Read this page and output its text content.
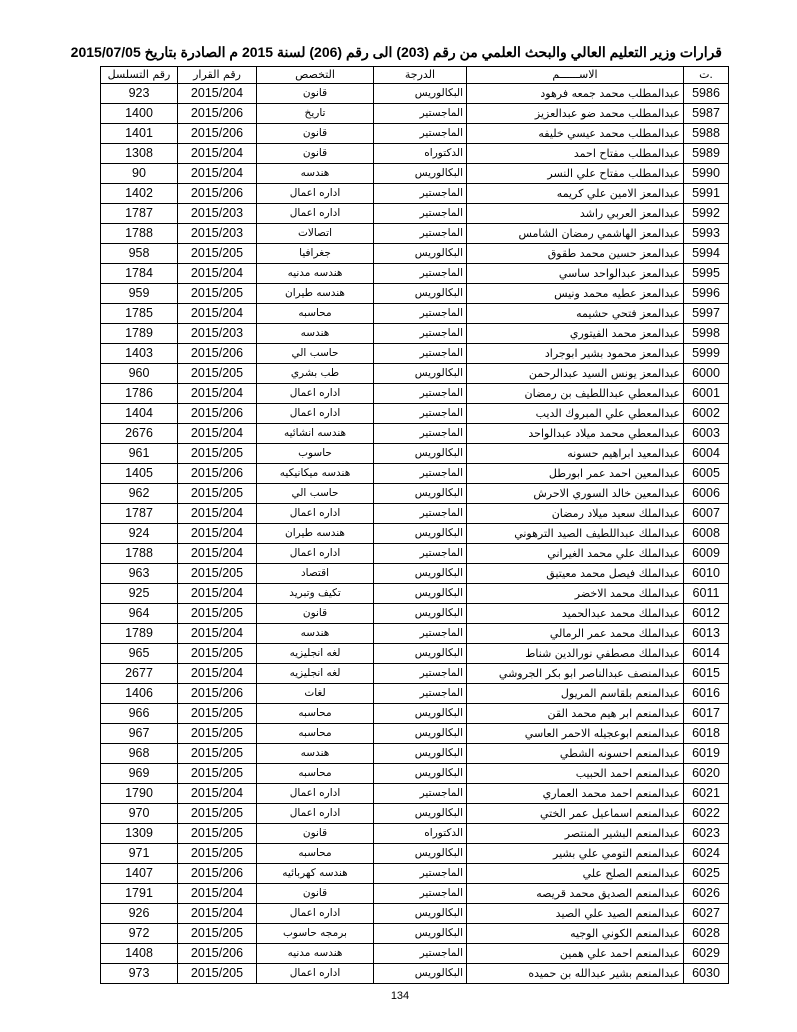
قرارات وزير التعليم العالي والبحث العلمي من رقم (203) الى رقم (206) لسنة 2015 م الصادرة بتاريخ 2015/07/05
رقم التسلسل	رقم القرار	التخصص	الدرجة	الاســــــم	ت.
923	2015/204	قانون	البكالوريس	عبدالمطلب محمد جمعه فرهود	5986
1400	2015/206	تاريخ	الماجستير	عبدالمطلب محمد ضو عبدالعزيز	5987
1401	2015/206	قانون	الماجستير	عبدالمطلب محمد عيسي خليفه	5988
1308	2015/204	قانون	الدكتوراه	عبدالمطلب مفتاح احمد	5989
90	2015/204	هندسه	البكالوريس	عبدالمطلب مفتاح علي النسر	5990
1402	2015/206	اداره اعمال	الماجستير	عبدالمعز الامين علي كريمه	5991
1787	2015/203	اداره اعمال	الماجستير	عبدالمعز العربي راشد	5992
1788	2015/203	اتصالات	الماجستير	عبدالمعز الهاشمي رمضان الشامس	5993
958	2015/205	جغرافيا	البكالوريس	عبدالمعز حسين محمد طقوق	5994
1784	2015/204	هندسه مدنيه	الماجستير	عبدالمعز عبدالواحد ساسي	5995
959	2015/205	هندسه طيران	البكالوريس	عبدالمعز عطيه محمد ونيس	5996
1785	2015/204	محاسبه	الماجستير	عبدالمعز فتحي حشيمه	5997
1789	2015/203	هندسه	الماجستير	عبدالمعز محمد الفيتوري	5998
1403	2015/206	حاسب الي	الماجستير	عبدالمعز محمود بشير ابوجراد	5999
960	2015/205	طب بشري	البكالوريس	عبدالمعز يونس السيد عبدالرحمن	6000
1786	2015/204	اداره اعمال	الماجستير	عبدالمعطي عبداللطيف بن رمضان	6001
1404	2015/206	اداره اعمال	الماجستير	عبدالمعطي علي المبروك الديب	6002
2676	2015/204	هندسه انشائيه	الماجستير	عبدالمعطي محمد ميلاد عبدالواحد	6003
961	2015/205	حاسوب	البكالوريس	عبدالمعيد ابراهيم حسونه	6004
1405	2015/206	هندسه ميكانيكيه	الماجستير	عبدالمعين احمد عمر ابورطل	6005
962	2015/205	حاسب الي	البكالوريس	عبدالمعين خالد السوري الاحرش	6006
1787	2015/204	اداره اعمال	الماجستير	عبدالملك سعيد ميلاد رمضان	6007
924	2015/204	هندسه طيران	البكالوريس	عبدالملك عبداللطيف الصيد الترهوني	6008
1788	2015/204	اداره اعمال	الماجستير	عبدالملك علي محمد الغيراني	6009
963	2015/205	اقتصاد	البكالوريس	عبدالملك فيصل محمد معيتيق	6010
925	2015/204	تكيف وتبريد	البكالوريس	عبدالملك محمد الاخضر	6011
964	2015/205	قانون	البكالوريس	عبدالملك محمد عبدالحميد	6012
1789	2015/204	هندسه	الماجستير	عبدالملك محمد عمر الرمالي	6013
965	2015/205	لغه انجليزيه	البكالوريس	عبدالملك مصطفي نورالدين شناط	6014
2677	2015/204	لغه انجليزيه	الماجستير	عبدالمنصف عبدالناصر ابو بكر الجروشي	6015
1406	2015/206	لغات	الماجستير	عبدالمنعم بلقاسم المريول	6016
966	2015/205	محاسبه	البكالوريس	عبدالمنعم ابر هيم محمد القن	6017
967	2015/205	محاسبه	البكالوريس	عبدالمنعم ابوعجيله الاحمر العاسي	6018
968	2015/205	هندسه	البكالوريس	عبدالمنعم احسونه الشطي	6019
969	2015/205	محاسبه	البكالوريس	عبدالمنعم احمد الحبيب	6020
1790	2015/204	اداره اعمال	الماجستير	عبدالمنعم احمد محمد العماري	6021
970	2015/205	اداره اعمال	البكالوريس	عبدالمنعم اسماعيل عمر الختي	6022
1309	2015/205	قانون	الدكتوراه	عبدالمنعم البشير المنتصر	6023
971	2015/205	محاسبه	البكالوريس	عبدالمنعم التومي علي بشير	6024
1407	2015/206	هندسه كهربائيه	الماجستير	عبدالمنعم الصلح علي	6025
1791	2015/204	قانون	الماجستير	عبدالمنعم الصديق محمد قريصه	6026
926	2015/204	اداره اعمال	البكالوريس	عبدالمنعم الصيد علي الصيد	6027
972	2015/205	برمجه حاسوب	البكالوريس	عبدالمنعم الكوني الوجيه	6028
1408	2015/206	هندسه مدنيه	الماجستير	عبدالمنعم احمد علي همين	6029
973	2015/205	اداره اعمال	البكالوريس	عبدالمنعم بشير عبدالله بن حميده	6030
134
